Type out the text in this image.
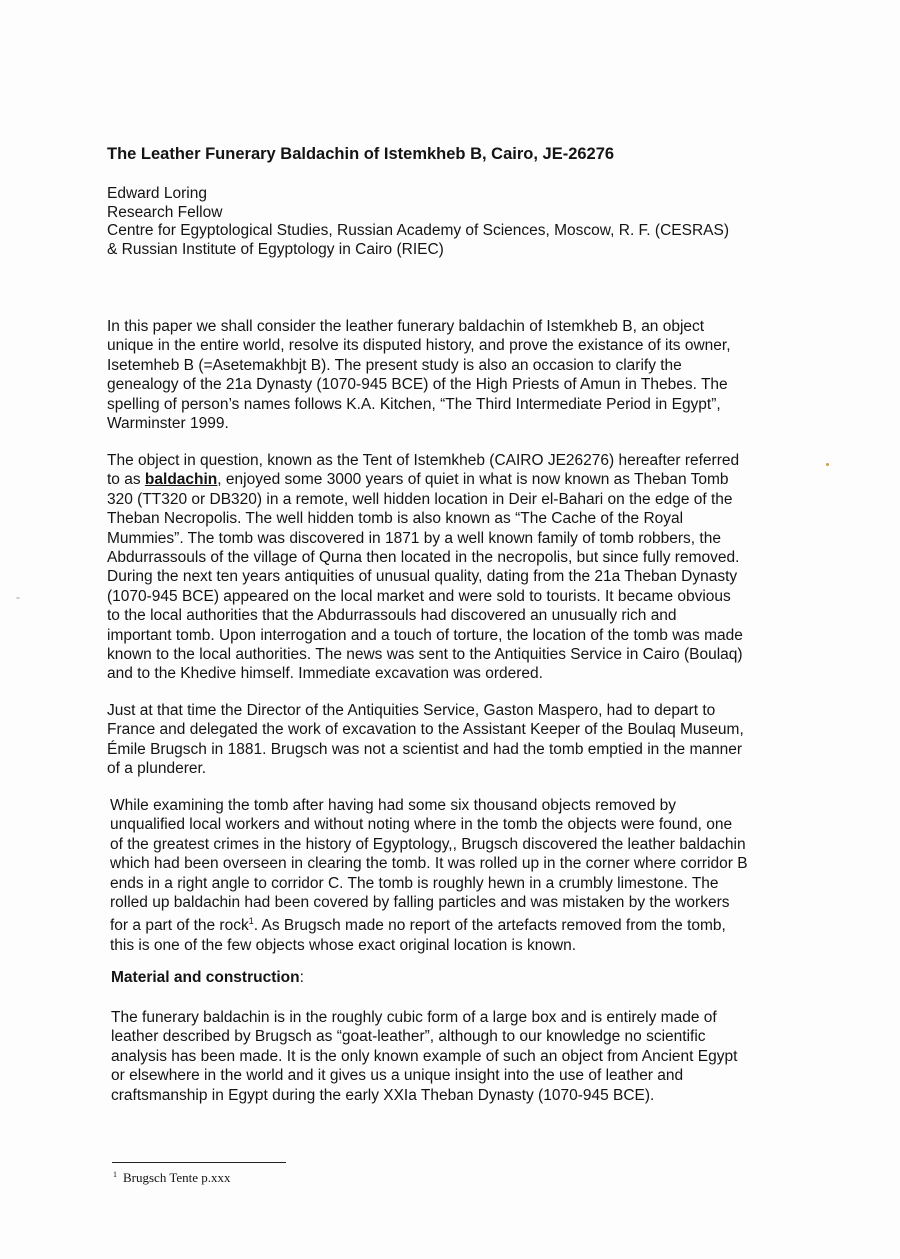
The Leather Funerary Baldachin of Istemkheb B, Cairo, JE-26276
Edward Loring
Research Fellow
Centre for Egyptological Studies, Russian Academy of Sciences, Moscow, R. F. (CESRAS)
& Russian Institute of Egyptology in Cairo (RIEC)
In this paper we shall consider the leather funerary baldachin of Istemkheb B, an object
unique in the entire world, resolve its disputed history, and prove the existance of its owner,
Isetemheb B (=Asetemakhbjt B). The present study is also an occasion to clarify the
genealogy of the 21a Dynasty (1070-945 BCE) of the High Priests of Amun in Thebes. The
spelling of person’s names follows K.A. Kitchen, “The Third Intermediate Period in Egypt”,
Warminster 1999.
The object in question, known as the Tent of Istemkheb (CAIRO JE26276) hereafter referred
to as baldachin, enjoyed some 3000 years of quiet in what is now known as Theban Tomb
320 (TT320 or DB320) in a remote, well hidden location in Deir el-Bahari on the edge of the
Theban Necropolis. The well hidden tomb is also known as “The Cache of the Royal
Mummies”. The tomb was discovered in 1871 by a well known family of tomb robbers, the
Abdurrassouls of the village of Qurna then located in the necropolis, but since fully removed.
During the next ten years antiquities of unusual quality, dating from the 21a Theban Dynasty
(1070-945 BCE) appeared on the local market and were sold to tourists. It became obvious
to the local authorities that the Abdurrassouls had discovered an unusually rich and
important tomb. Upon interrogation and a touch of torture, the location of the tomb was made
known to the local authorities. The news was sent to the Antiquities Service in Cairo (Boulaq)
and to the Khedive himself. Immediate excavation was ordered.
Just at that time the Director of the Antiquities Service, Gaston Maspero, had to depart to
France and delegated the work of excavation to the Assistant Keeper of the Boulaq Museum,
Émile Brugsch in 1881. Brugsch was not a scientist and had the tomb emptied in the manner
of a plunderer.
While examining the tomb after having had some six thousand objects removed by
unqualified local workers and without noting where in the tomb the objects were found, one
of the greatest crimes in the history of Egyptology,, Brugsch discovered the leather baldachin
which had been overseen in clearing the tomb. It was rolled up in the corner where corridor B
ends in a right angle to corridor C. The tomb is roughly hewn in a crumbly limestone. The
rolled up baldachin had been covered by falling particles and was mistaken by the workers
for a part of the rock$^1$. As Brugsch made no report of the artefacts removed from the tomb,
this is one of the few objects whose exact original location is known.
Material and construction:
The funerary baldachin is in the roughly cubic form of a large box and is entirely made of
leather described by Brugsch as “goat-leather”, although to our knowledge no scientific
analysis has been made. It is the only known example of such an object from Ancient Egypt
or elsewhere in the world and it gives us a unique insight into the use of leather and
craftsmanship in Egypt during the early XXIa Theban Dynasty (1070-945 BCE).
$^1$ Brugsch Tente p.xxx
